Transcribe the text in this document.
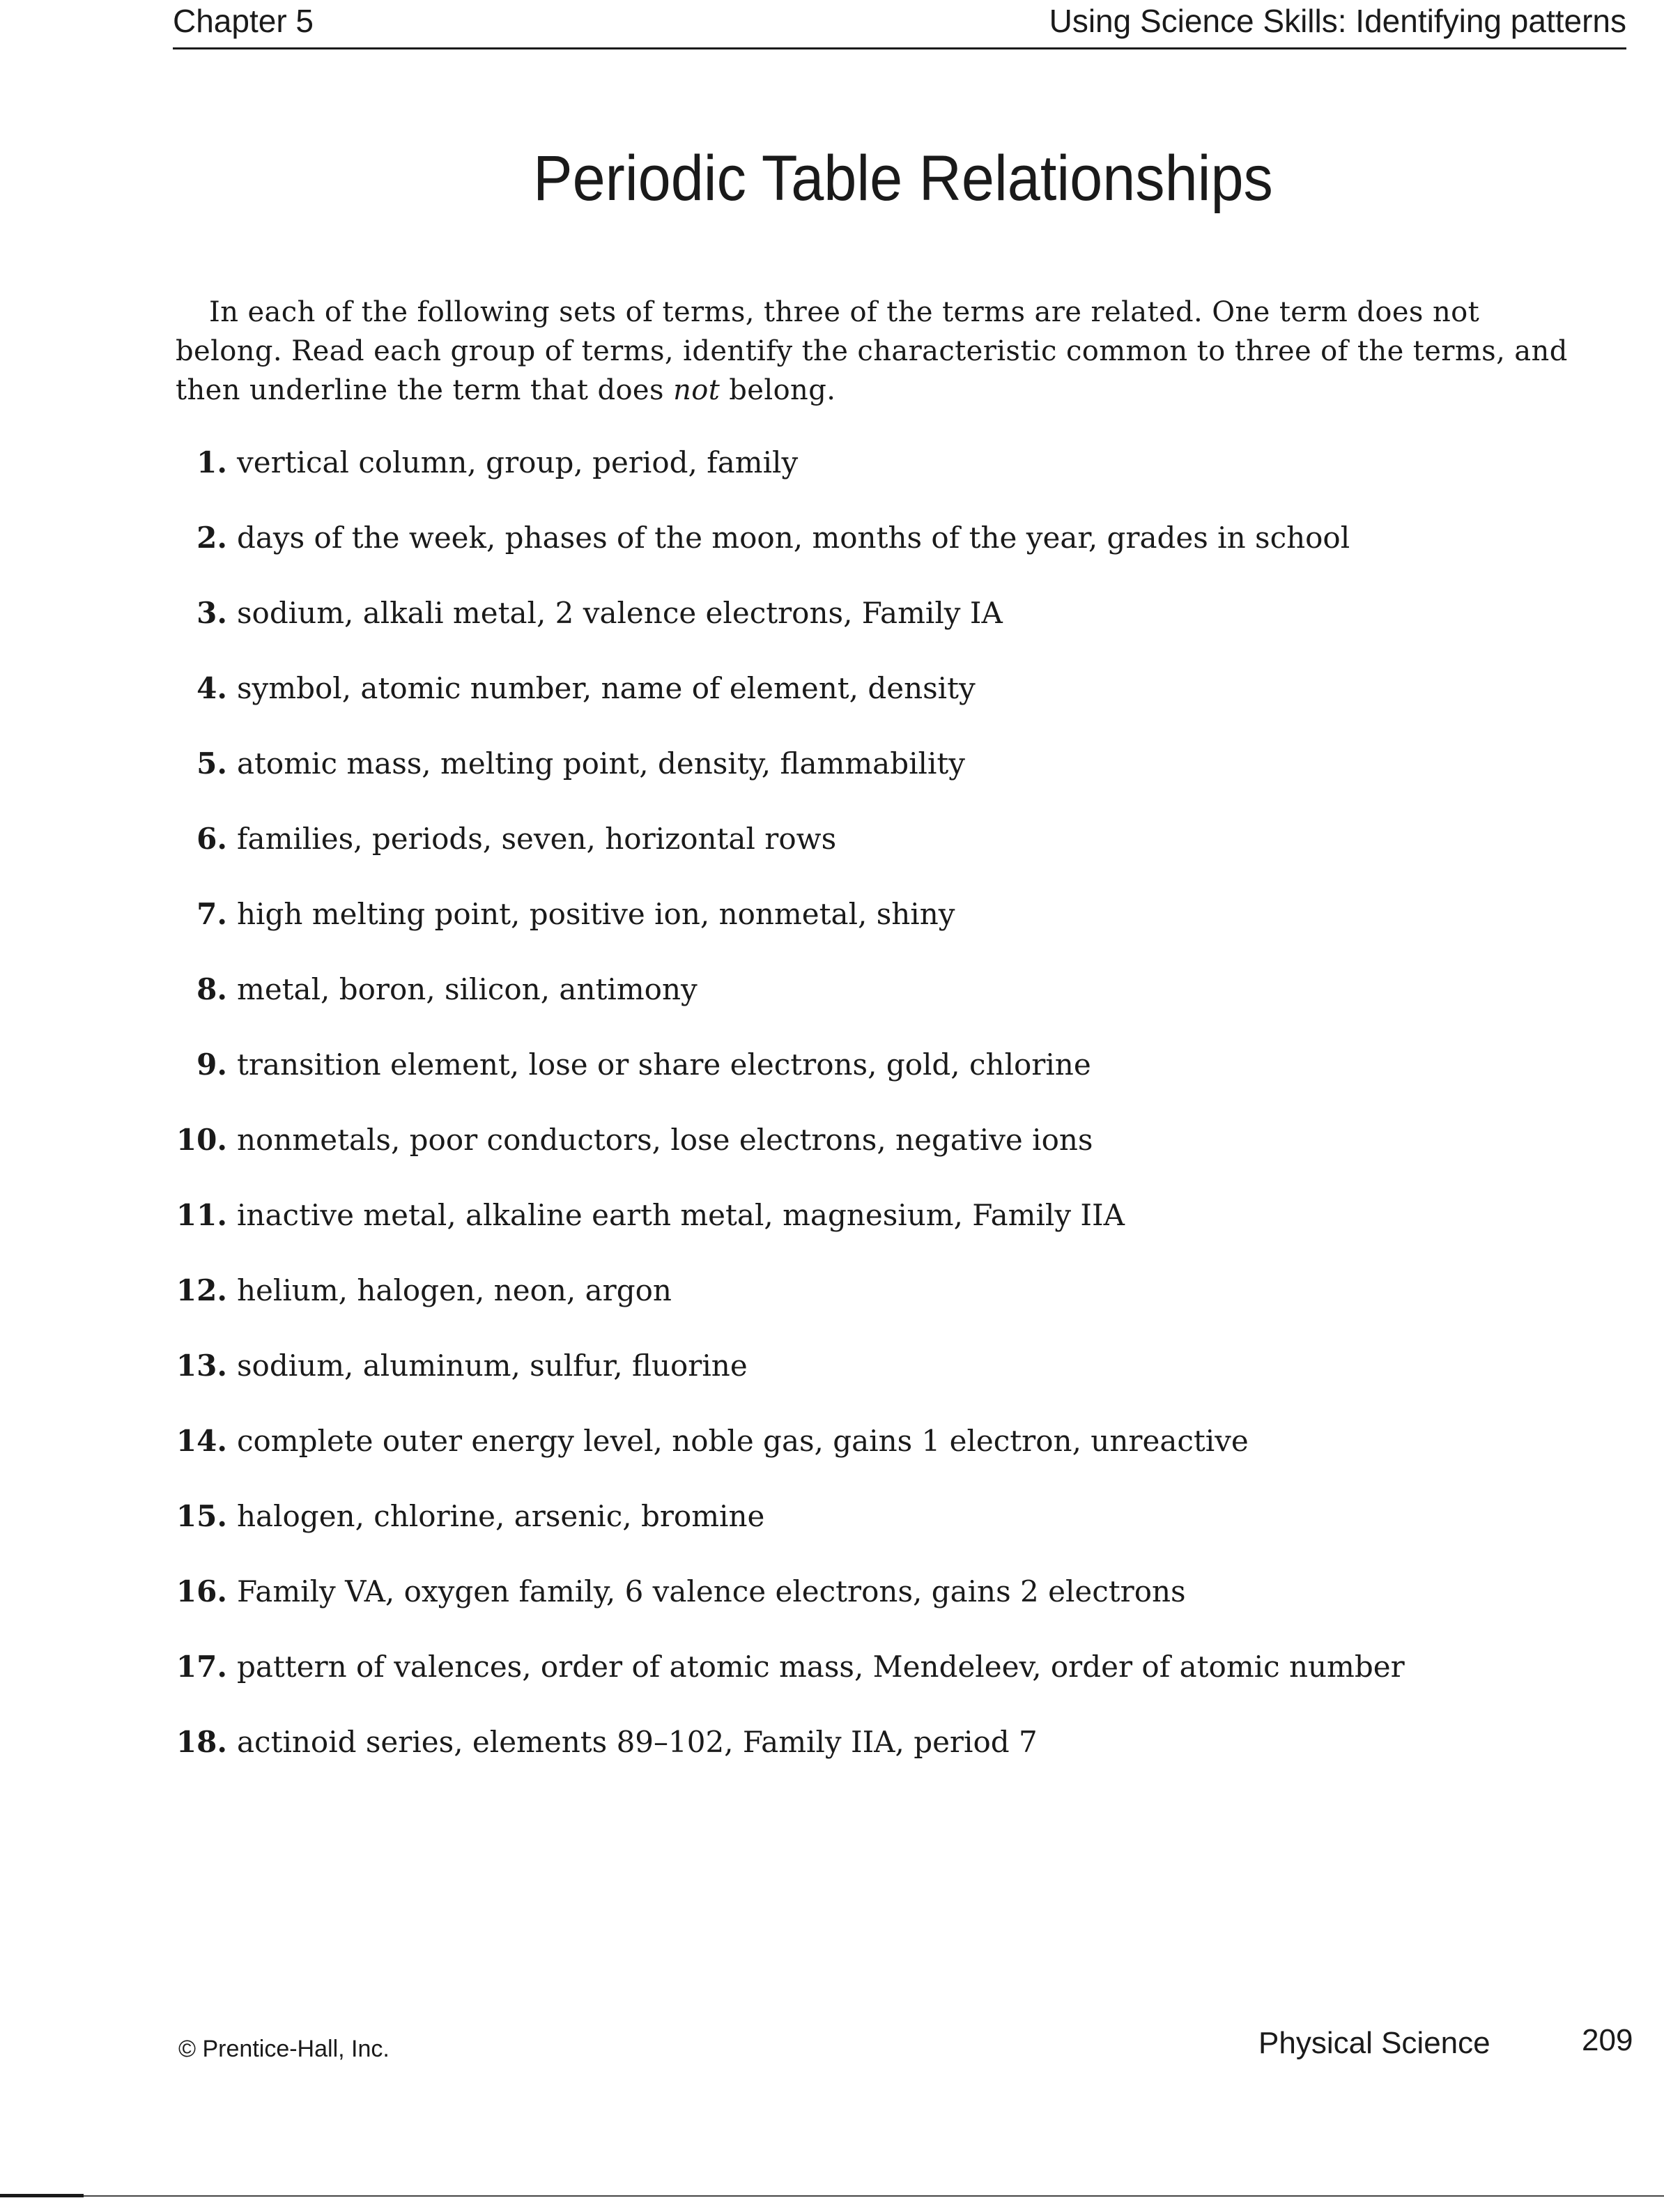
Chapter 5	Using Science Skills: Identifying patterns
Periodic Table Relationships

In each of the following sets of terms, three of the terms are related. One term does not belong. Read each group of terms, identify the characteristic common to three of the terms, and then underline the term that does not belong.

1. vertical column, group, period, family
2. days of the week, phases of the moon, months of the year, grades in school
3. sodium, alkali metal, 2 valence electrons, Family IA
4. symbol, atomic number, name of element, density
5. atomic mass, melting point, density, flammability
6. families, periods, seven, horizontal rows
7. high melting point, positive ion, nonmetal, shiny
8. metal, boron, silicon, antimony
9. transition element, lose or share electrons, gold, chlorine
10. nonmetals, poor conductors, lose electrons, negative ions
11. inactive metal, alkaline earth metal, magnesium, Family IIA
12. helium, halogen, neon, argon
13. sodium, aluminum, sulfur, fluorine
14. complete outer energy level, noble gas, gains 1 electron, unreactive
15. halogen, chlorine, arsenic, bromine
16. Family VA, oxygen family, 6 valence electrons, gains 2 electrons
17. pattern of valences, order of atomic mass, Mendeleev, order of atomic number
18. actinoid series, elements 89–102, Family IIA, period 7
© Prentice-Hall, Inc.	Physical Science	209
